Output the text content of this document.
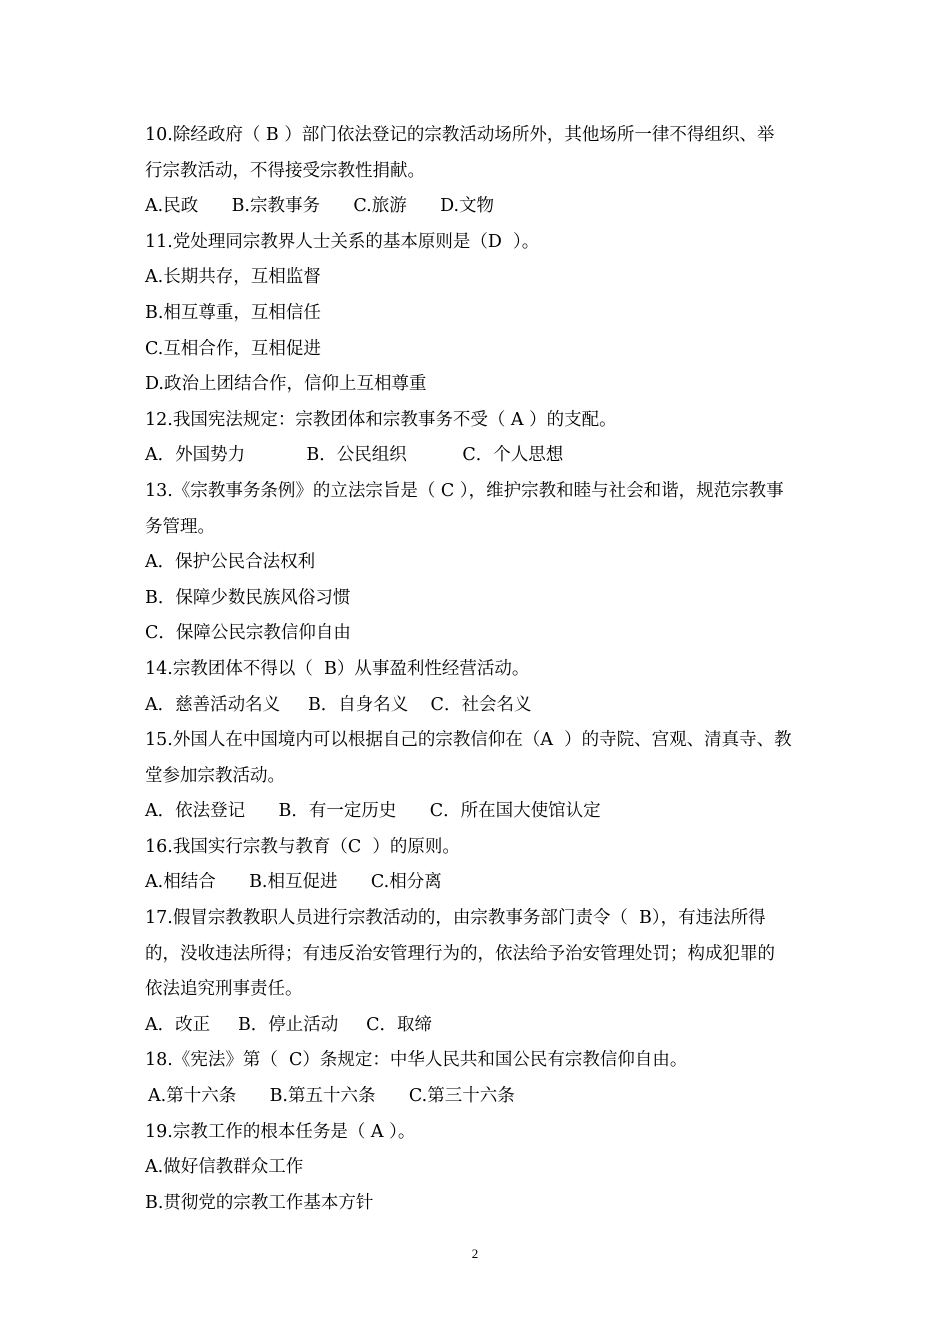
10.除经政府（ B ）部门依法登记的宗教活动场所外，其他场所一律不得组织、举
行宗教活动，不得接受宗教性捐献。
A.民政      B.宗教事务      C.旅游      D.文物
11.党处理同宗教界人士关系的基本原则是（D  ）。
A.长期共存，互相监督
B.相互尊重，互相信任
C.互相合作，互相促进
D.政治上团结合作，信仰上互相尊重
12.我国宪法规定：宗教团体和宗教事务不受（ A ）的支配。
A．外国势力           B．公民组织          C．个人思想
13.《宗教事务条例》的立法宗旨是（ C ），维护宗教和睦与社会和谐，规范宗教事
务管理。
A．保护公民合法权利
B．保障少数民族风俗习惯
C．保障公民宗教信仰自由
14.宗教团体不得以（  B）从事盈利性经营活动。
A．慈善活动名义     B．自身名义    C．社会名义
15.外国人在中国境内可以根据自己的宗教信仰在（A  ）的寺院、宫观、清真寺、教
堂参加宗教活动。
A．依法登记      B．有一定历史      C．所在国大使馆认定
16.我国实行宗教与教育（C  ）的原则。
A.相结合      B.相互促进      C.相分离
17.假冒宗教教职人员进行宗教活动的，由宗教事务部门责令（  B），有违法所得
的，没收违法所得；有违反治安管理行为的，依法给予治安管理处罚；构成犯罪的
依法追究刑事责任。
A．改正     B．停止活动     C．取缔
18.《宪法》第（  C）条规定：中华人民共和国公民有宗教信仰自由。
A.第十六条      B.第五十六条      C.第三十六条
19.宗教工作的根本任务是（ A ）。
A.做好信教群众工作
B.贯彻党的宗教工作基本方针
2
